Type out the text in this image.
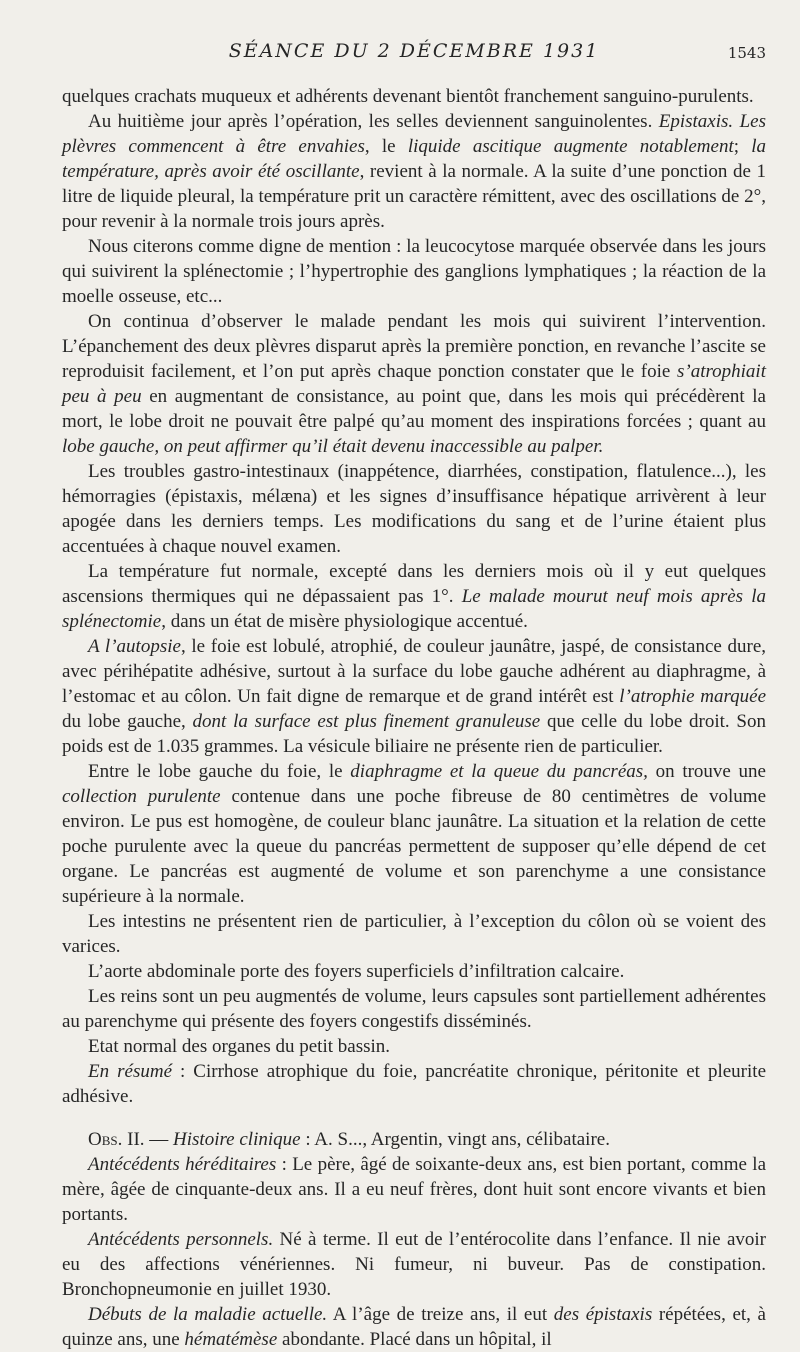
SÉANCE DU 2 DÉCEMBRE 1931	1543

quelques crachats muqueux et adhérents devenant bientôt franchement sanguino-purulents.

Au huitième jour après l’opération, les selles deviennent sanguinolentes. Epistaxis. Les plèvres commencent à être envahies, le liquide ascitique augmente notablement; la température, après avoir été oscillante, revient à la normale. A la suite d’une ponction de 1 litre de liquide pleural, la température prit un caractère rémittent, avec des oscillations de 2°, pour revenir à la normale trois jours après.

Nous citerons comme digne de mention : la leucocytose marquée observée dans les jours qui suivirent la splénectomie ; l’hypertrophie des ganglions lymphatiques ; la réaction de la moelle osseuse, etc...

On continua d’observer le malade pendant les mois qui suivirent l’intervention. L’épanchement des deux plèvres disparut après la première ponction, en revanche l’ascite se reproduisit facilement, et l’on put après chaque ponction constater que le foie s’atrophiait peu à peu en augmentant de consistance, au point que, dans les mois qui précédèrent la mort, le lobe droit ne pouvait être palpé qu’au moment des inspirations forcées ; quant au lobe gauche, on peut affirmer qu’il était devenu inaccessible au palper.

Les troubles gastro-intestinaux (inappétence, diarrhées, constipation, flatulence...), les hémorragies (épistaxis, mélæna) et les signes d’insuffisance hépatique arrivèrent à leur apogée dans les derniers temps. Les modifications du sang et de l’urine étaient plus accentuées à chaque nouvel examen.

La température fut normale, excepté dans les derniers mois où il y eut quelques ascensions thermiques qui ne dépassaient pas 1°. Le malade mourut neuf mois après la splénectomie, dans un état de misère physiologique accentué.

A l’autopsie, le foie est lobulé, atrophié, de couleur jaunâtre, jaspé, de consistance dure, avec périhépatite adhésive, surtout à la surface du lobe gauche adhérent au diaphragme, à l’estomac et au côlon. Un fait digne de remarque et de grand intérêt est l’atrophie marquée du lobe gauche, dont la surface est plus finement granuleuse que celle du lobe droit. Son poids est de 1.035 grammes. La vésicule biliaire ne présente rien de particulier.

Entre le lobe gauche du foie, le diaphragme et la queue du pancréas, on trouve une collection purulente contenue dans une poche fibreuse de 80 centimètres de volume environ. Le pus est homogène, de couleur blanc jaunâtre. La situation et la relation de cette poche purulente avec la queue du pancréas permettent de supposer qu’elle dépend de cet organe. Le pancréas est augmenté de volume et son parenchyme a une consistance supérieure à la normale.

Les intestins ne présentent rien de particulier, à l’exception du côlon où se voient des varices.

L’aorte abdominale porte des foyers superficiels d’infiltration calcaire.

Les reins sont un peu augmentés de volume, leurs capsules sont partiellement adhérentes au parenchyme qui présente des foyers congestifs disséminés.

Etat normal des organes du petit bassin.

En résumé : Cirrhose atrophique du foie, pancréatite chronique, péritonite et pleurite adhésive.

Obs. II. — Histoire clinique : A. S..., Argentin, vingt ans, célibataire.

Antécédents héréditaires : Le père, âgé de soixante-deux ans, est bien portant, comme la mère, âgée de cinquante-deux ans. Il a eu neuf frères, dont huit sont encore vivants et bien portants.

Antécédents personnels. Né à terme. Il eut de l’entérocolite dans l’enfance. Il nie avoir eu des affections vénériennes. Ni fumeur, ni buveur. Pas de constipation. Bronchopneumonie en juillet 1930.

Débuts de la maladie actuelle. A l’âge de treize ans, il eut des épistaxis répétées, et, à quinze ans, une hématémèse abondante. Placé dans un hôpital, il
